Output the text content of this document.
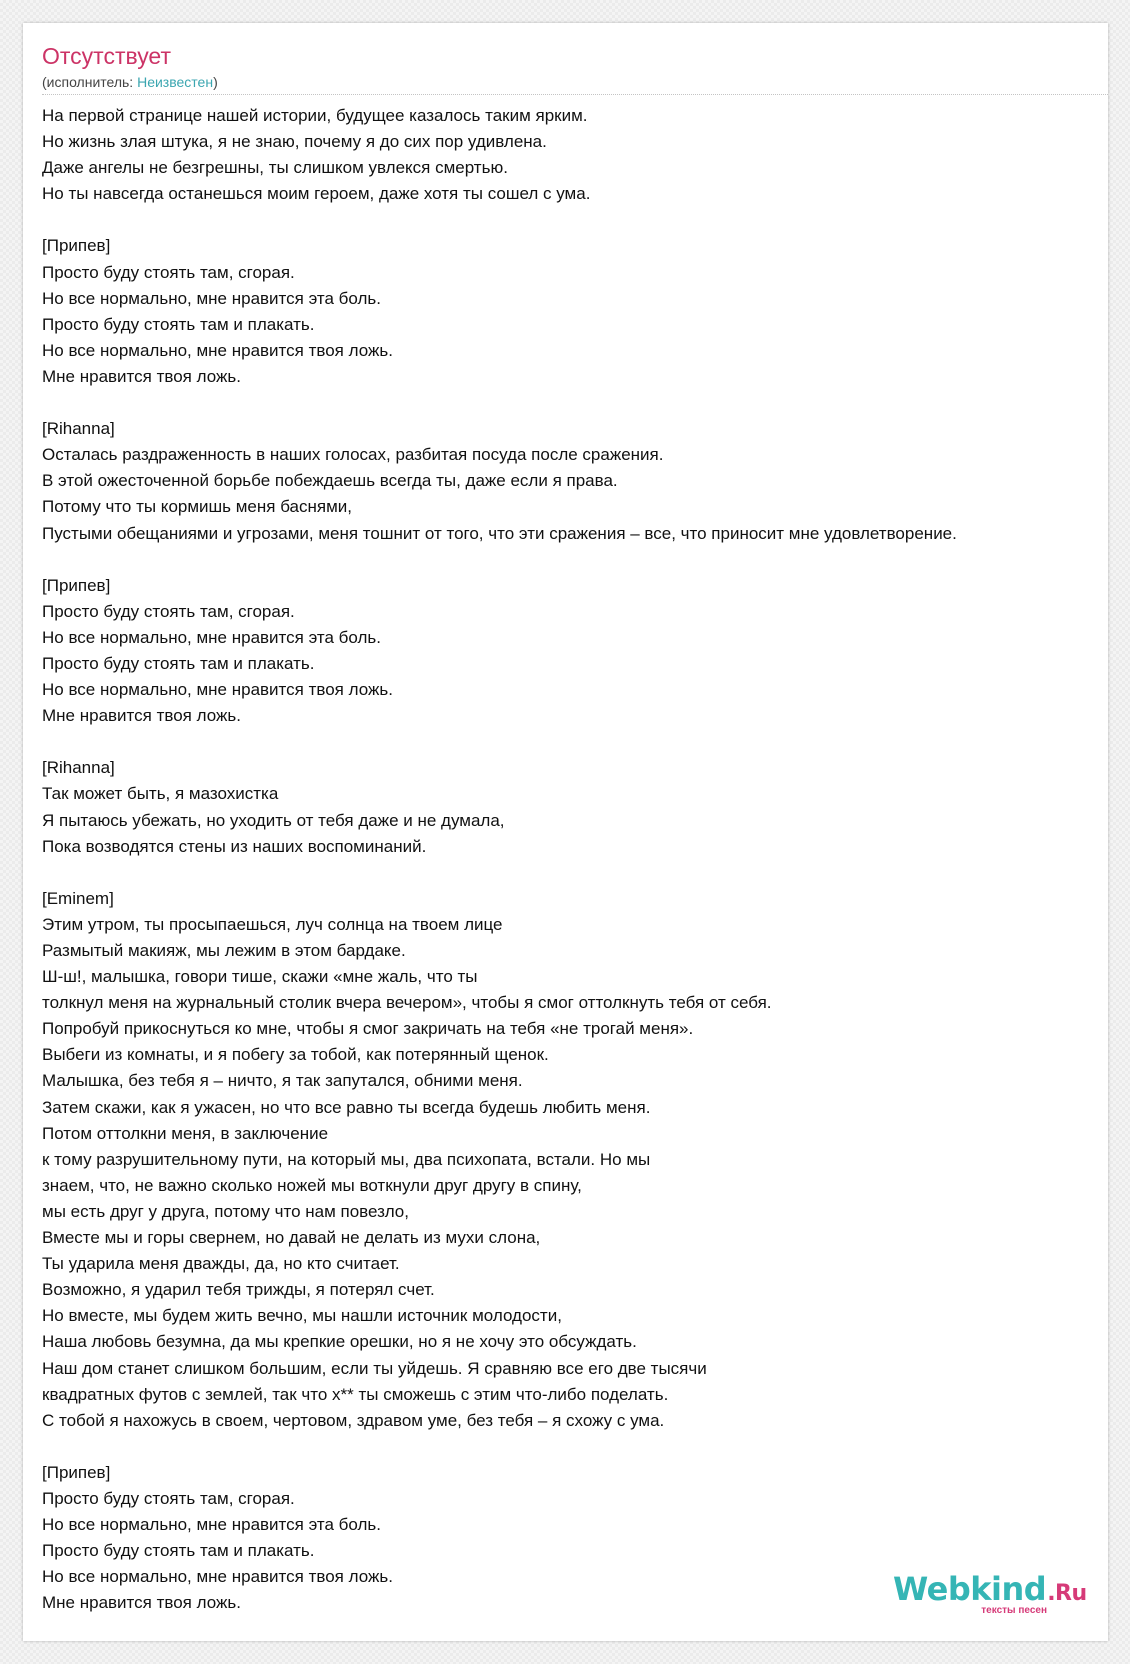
Отсутствует
(исполнитель: Неизвестен)
На первой странице нашей истории, будущее казалось таким ярким.
Но жизнь злая штука, я не знаю, почему я до сих пор удивлена.
Даже ангелы не безгрешны, ты слишком увлекся смертью.
Но ты навсегда останешься моим героем, даже хотя ты сошел с ума.
[Припев]
Просто буду стоять там, сгорая.
Но все нормально, мне нравится эта боль.
Просто буду стоять там и плакать.
Но все нормально, мне нравится твоя ложь.
Мне нравится твоя ложь.
[Rihanna]
Осталась раздраженность в наших голосах, разбитая посуда после сражения.
В этой ожесточенной борьбе побеждаешь всегда ты, даже если я права.
Потому что ты кормишь меня баснями,
Пустыми обещаниями и угрозами, меня тошнит от того, что эти сражения – все, что приносит мне удовлетворение.
[Припев]
Просто буду стоять там, сгорая.
Но все нормально, мне нравится эта боль.
Просто буду стоять там и плакать.
Но все нормально, мне нравится твоя ложь.
Мне нравится твоя ложь.
[Rihanna]
Так может быть, я мазохистка
Я пытаюсь убежать, но уходить от тебя даже и не думала,
Пока возводятся стены из наших воспоминаний.
[Eminem]
Этим утром, ты просыпаешься, луч солнца на твоем лице
Размытый макияж, мы лежим в этом бардаке.
Ш-ш!, малышка, говори тише, скажи «мне жаль, что ты
толкнул меня на журнальный столик вчера вечером», чтобы я смог оттолкнуть тебя от себя.
Попробуй прикоснуться ко мне, чтобы я смог закричать на тебя «не трогай меня».
Выбеги из комнаты, и я побегу за тобой, как потерянный щенок.
Малышка, без тебя я – ничто, я так запутался, обними меня.
Затем скажи, как я ужасен, но что все равно ты всегда будешь любить меня.
Потом оттолкни меня, в заключение
к тому разрушительному пути, на который мы, два психопата, встали. Но мы
знаем, что, не важно сколько ножей мы воткнули друг другу в спину,
мы есть друг у друга, потому что нам повезло,
Вместе мы и горы свернем, но давай не делать из мухи слона,
Ты ударила меня дважды, да, но кто считает.
Возможно, я ударил тебя трижды, я потерял счет.
Но вместе, мы будем жить вечно, мы нашли источник молодости,
Наша любовь безумна, да мы крепкие орешки, но я не хочу это обсуждать.
Наш дом станет слишком большим, если ты уйдешь. Я сравняю все его две тысячи
квадратных футов с землей, так что х** ты сможешь с этим что-либо поделать.
С тобой я нахожусь в своем, чертовом, здравом уме, без тебя – я схожу с ума.
[Припев]
Просто буду стоять там, сгорая.
Но все нормально, мне нравится эта боль.
Просто буду стоять там и плакать.
Но все нормально, мне нравится твоя ложь.
Мне нравится твоя ложь.	Webkind.Ru
тексты песен
